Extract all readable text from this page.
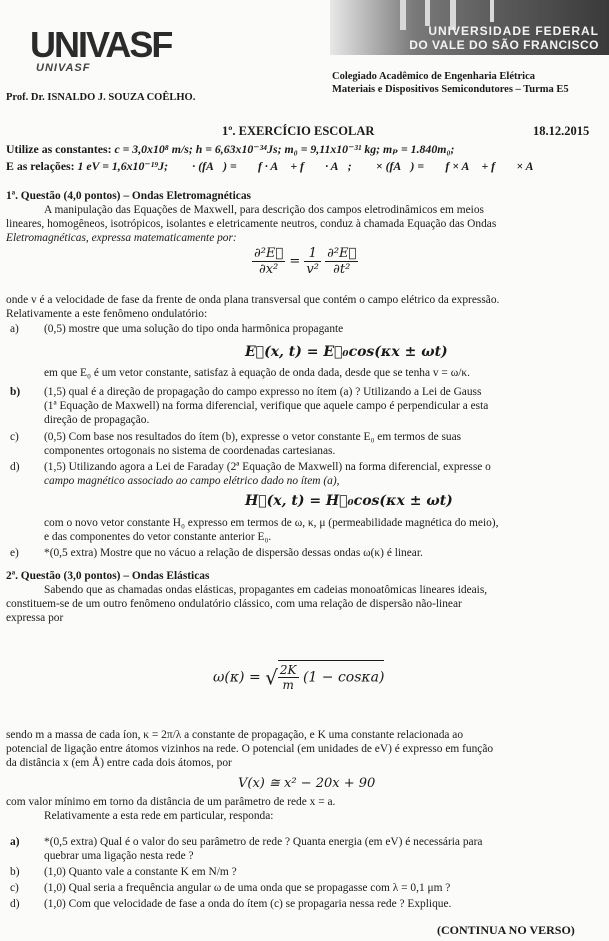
UNIVASF
UNIVASF
UNIVERSIDADE FEDERAL
DO VALE DO SÃO FRANCISCO
Colegiado Acadêmico de Engenharia Elétrica
Materiais e Dispositivos Semicondutores – Turma E5
Prof. Dr. ISNALDO J. SOUZA COÊLHO.
1º. EXERCÍCIO ESCOLAR	18.12.2015
Utilize as constantes: c = 3,0x10⁸ m/s; h = 6,63x10⁻³⁴Js; m₀ = 9,11x10⁻³¹ kg; mₚ = 1.840m₀;
E as relações: 1 eV = 1,6x10⁻¹⁹J; ∇⃗ · (fA⃗) = ∇⃗f · A⃗ + f∇⃗ · A⃗; ∇⃗ × (fA⃗) = ∇⃗f × A⃗ + f∇⃗ × A⃗
1ª. Questão (4,0 pontos) – Ondas Eletromagnéticas
A manipulação das Equações de Maxwell, para descrição dos campos eletrodinâmicos em meios
lineares, homogêneos, isotrópicos, isolantes e eletricamente neutros, conduz à chamada Equação das Ondas
Eletromagnéticas, expressa matematicamente por:
$\frac{\text{∂²E⃗}}{\text{∂x²}} = \frac{1}{\text{v²}}$
$\frac{\text{∂²E⃗}}{\text{∂t²}}$
onde v é a velocidade de fase da frente de onda plana transversal que contém o campo elétrico da expressão.
Relativamente a este fenômeno ondulatório:
a) (0,5) mostre que uma solução do tipo onda harmônica propagante
E⃗(x, t) = E⃗₀cos(κx ± ωt)
em que E₀ é um vetor constante, satisfaz à equação de onda dada, desde que se tenha v = ω/κ.
b) (1,5) qual é a direção de propagação do campo expresso no ítem (a) ? Utilizando a Lei de Gauss
(1ª Equação de Maxwell) na forma diferencial, verifique que aquele campo é perpendicular a esta
direção de propagação.
c) (0,5) Com base nos resultados do ítem (b), expresse o vetor constante E₀ em termos de suas
componentes ortogonais no sistema de coordenadas cartesianas.
d) (1,5) Utilizando agora a Lei de Faraday (2ª Equação de Maxwell) na forma diferencial, expresse o
campo magnético associado ao campo elétrico dado no ítem (a),
H⃗(x, t) = H⃗₀cos(κx ± ωt)
com o novo vetor constante H₀ expresso em termos de ω, κ, μ (permeabilidade magnética do meio),
e das componentes do vetor constante anterior E₀.
e) *(0,5 extra) Mostre que no vácuo a relação de dispersão dessas ondas ω(κ) é linear.
2ª. Questão (3,0 pontos) – Ondas Elásticas
Sabendo que as chamadas ondas elásticas, propagantes em cadeias monoatômicas lineares ideais,
constituem-se de um outro fenômeno ondulatório clássico, com uma relação de dispersão não-linear
expressa por
ω(κ) = √ $\frac{2K}{m} (1 - \cos\kappa a)$
sendo m a massa de cada íon, κ = 2π/λ a constante de propagação, e K uma constante relacionada ao
potencial de ligação entre átomos vizinhos na rede. O potencial (em unidades de eV) é expresso em função
da distância x (em Å) entre cada dois átomos, por
V(x) ≅ x² − 20x + 90
com valor mínimo em torno da distância de um parâmetro de rede x = a.
Relativamente a esta rede em particular, responda:
a) *(0,5 extra) Qual é o valor do seu parâmetro de rede ? Quanta energia (em eV) é necessária para
quebrar uma ligação nesta rede ?
b) (1,0) Quanto vale a constante K em N/m ?
c) (1,0) Qual seria a frequência angular ω de uma onda que se propagasse com λ = 0,1 μm ?
d) (1,0) Com que velocidade de fase a onda do ítem (c) se propagaria nessa rede ? Explique.
(CONTINUA NO VERSO)
